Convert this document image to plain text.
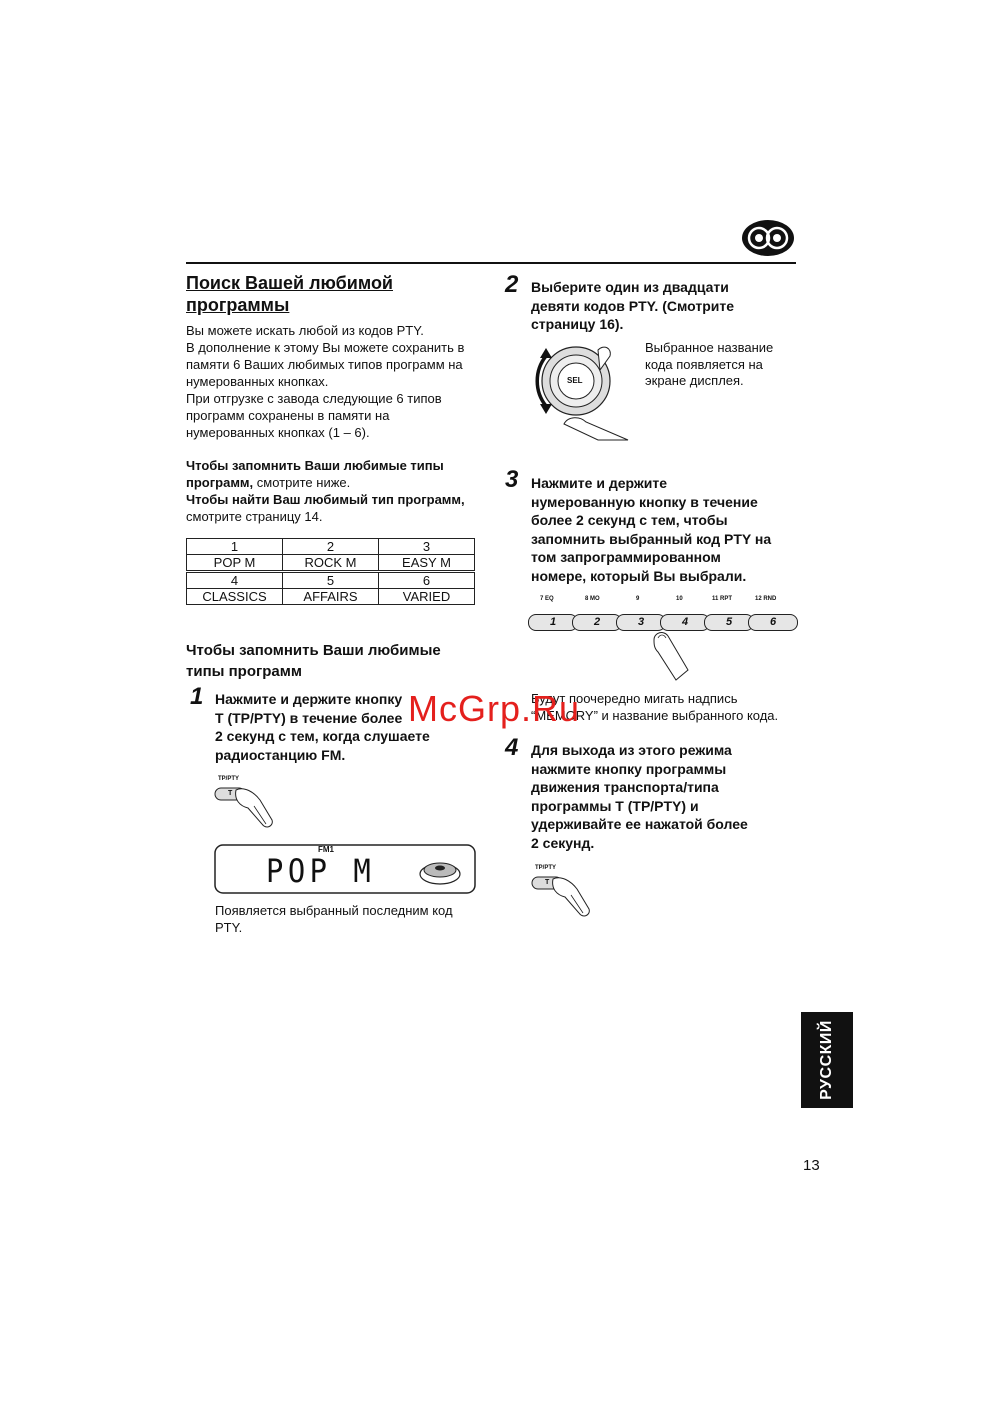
Поиск Вашей любимой программы

Вы можете искать любой из кодов PTY.

В дополнение к этому Вы можете сохранить в

памяти 6 Ваших любимых типов программ на

нумерованных кнопках.

При отгрузке с завода следующие 6 типов

программ сохранены в памяти на

нумерованных кнопках (1 – 6).

Чтобы запомнить Ваши любимые типы программ, смотрите ниже.

Чтобы найти Ваш любимый тип программ,

смотрите страницу 14.

1	2	3
POP M	ROCK M	EASY M
4	5	6
CLASSICS	AFFAIRS	VARIED
Чтобы запомнить Ваши любимые типы программ
1 Нажмите и держите кнопку

T (TP/PTY) в течение более

2 секунд с тем, когда слушаете

радиостанцию FM.

TP/PTY
T
FM1
POP M

Появляется выбранный последним код

PTY.

2 Выберите один из двадцати

девяти кодов PTY. (Смотрите

страницу 16).

SEL

Выбранное название

кода появляется на

экране дисплея.

3 Нажмите и держите

нумерованную кнопку в течение

более 2 секунд с тем, чтобы

запомнить выбранный код PTY на

том запрограммированном

номере, который Вы выбрали.

7 EQ	8 MO	9	10	11 RPT	12 RND
1	2	3	4	5	6

Будут поочередно мигать надпись

“MEMORY” и название выбранного кода.

4 Для выхода из этого режима

нажмите кнопку программы

движения транспорта/типа

программы T (TP/PTY) и

удерживайте ее нажатой более

2 секунд.

TP/PTY
T
РУССКИЙ
13
McGrp.Ru
